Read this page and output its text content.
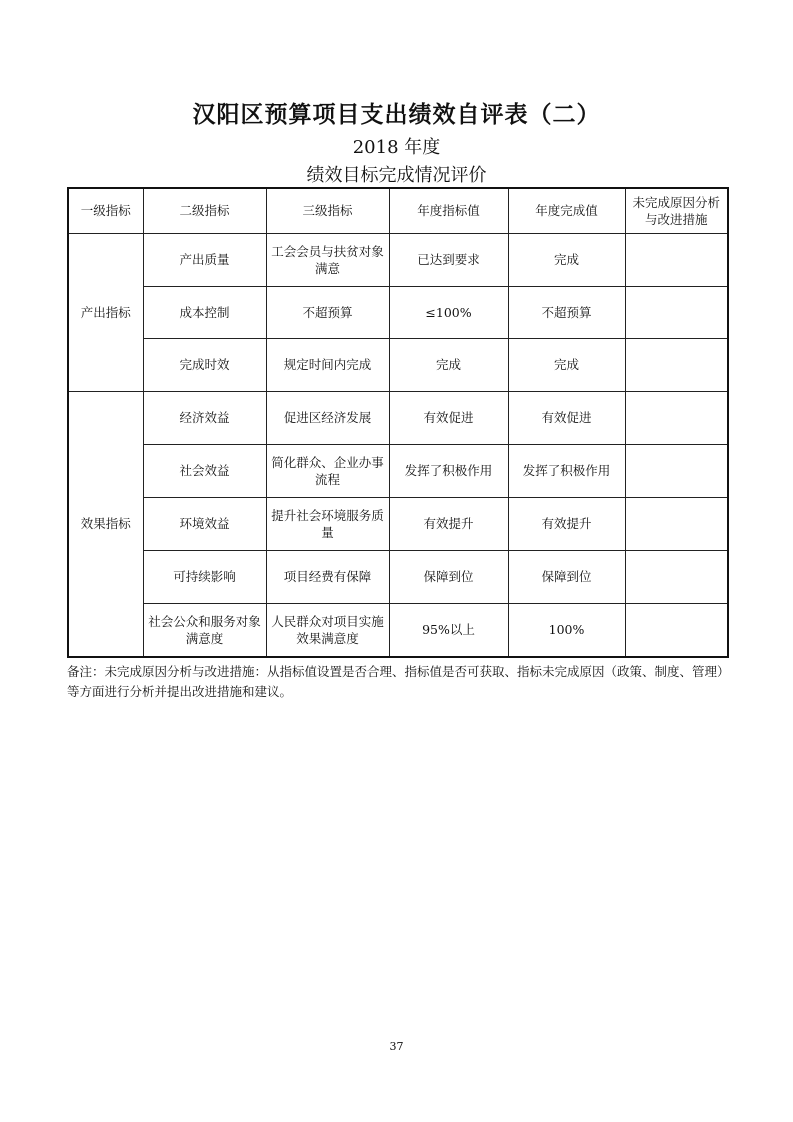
汉阳区预算项目支出绩效自评表（二）
2018 年度
绩效目标完成情况评价
一级指标	二级指标	三级指标	年度指标值	年度完成值	未完成原因分析与改进措施
产出指标	产出质量	工会会员与扶贫对象满意	已达到要求	完成	
	成本控制	不超预算	≤100%	不超预算	
	完成时效	规定时间内完成	完成	完成	
效果指标	经济效益	促进区经济发展	有效促进	有效促进	
	社会效益	简化群众、企业办事流程	发挥了积极作用	发挥了积极作用	
	环境效益	提升社会环境服务质量	有效提升	有效提升	
	可持续影响	项目经费有保障	保障到位	保障到位	
	社会公众和服务对象满意度	人民群众对项目实施效果满意度	95%以上	100%	
备注：未完成原因分析与改进措施：从指标值设置是否合理、指标值是否可获取、指标未完成原因（政策、制度、管理）等方面进行分析并提出改进措施和建议。
37
